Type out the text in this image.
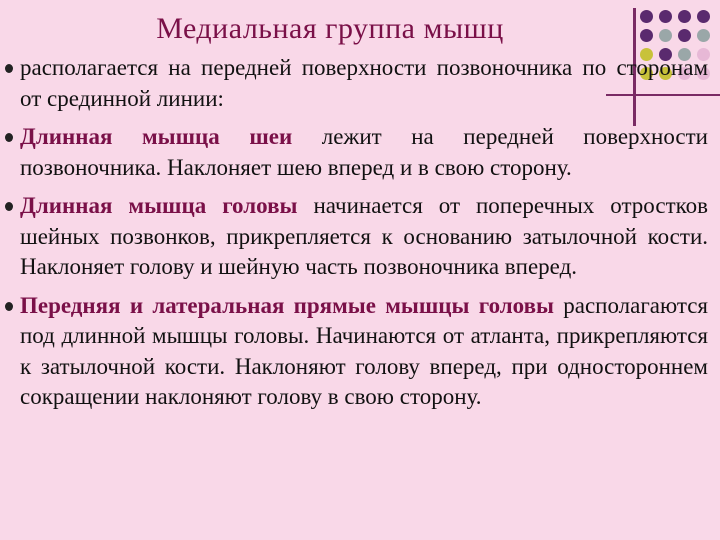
Медиальная группа мышц
располагается на передней поверхности позвоночника по сторонам от срединной линии:
Длинная мышца шеи лежит на передней поверхности позвоночника. Наклоняет шею вперед и в свою сторону.
Длинная мышца головы начинается от поперечных отростков шейных позвонков, прикрепляется к основанию затылочной кости. Наклоняет голову и шейную часть позвоночника вперед.
Передняя и латеральная прямые мышцы головы располагаются под длинной мышцы головы. Начинаются от атланта, прикрепляются к затылочной кости. Наклоняют голову вперед, при одностороннем сокращении наклоняют голову в свою сторону.
